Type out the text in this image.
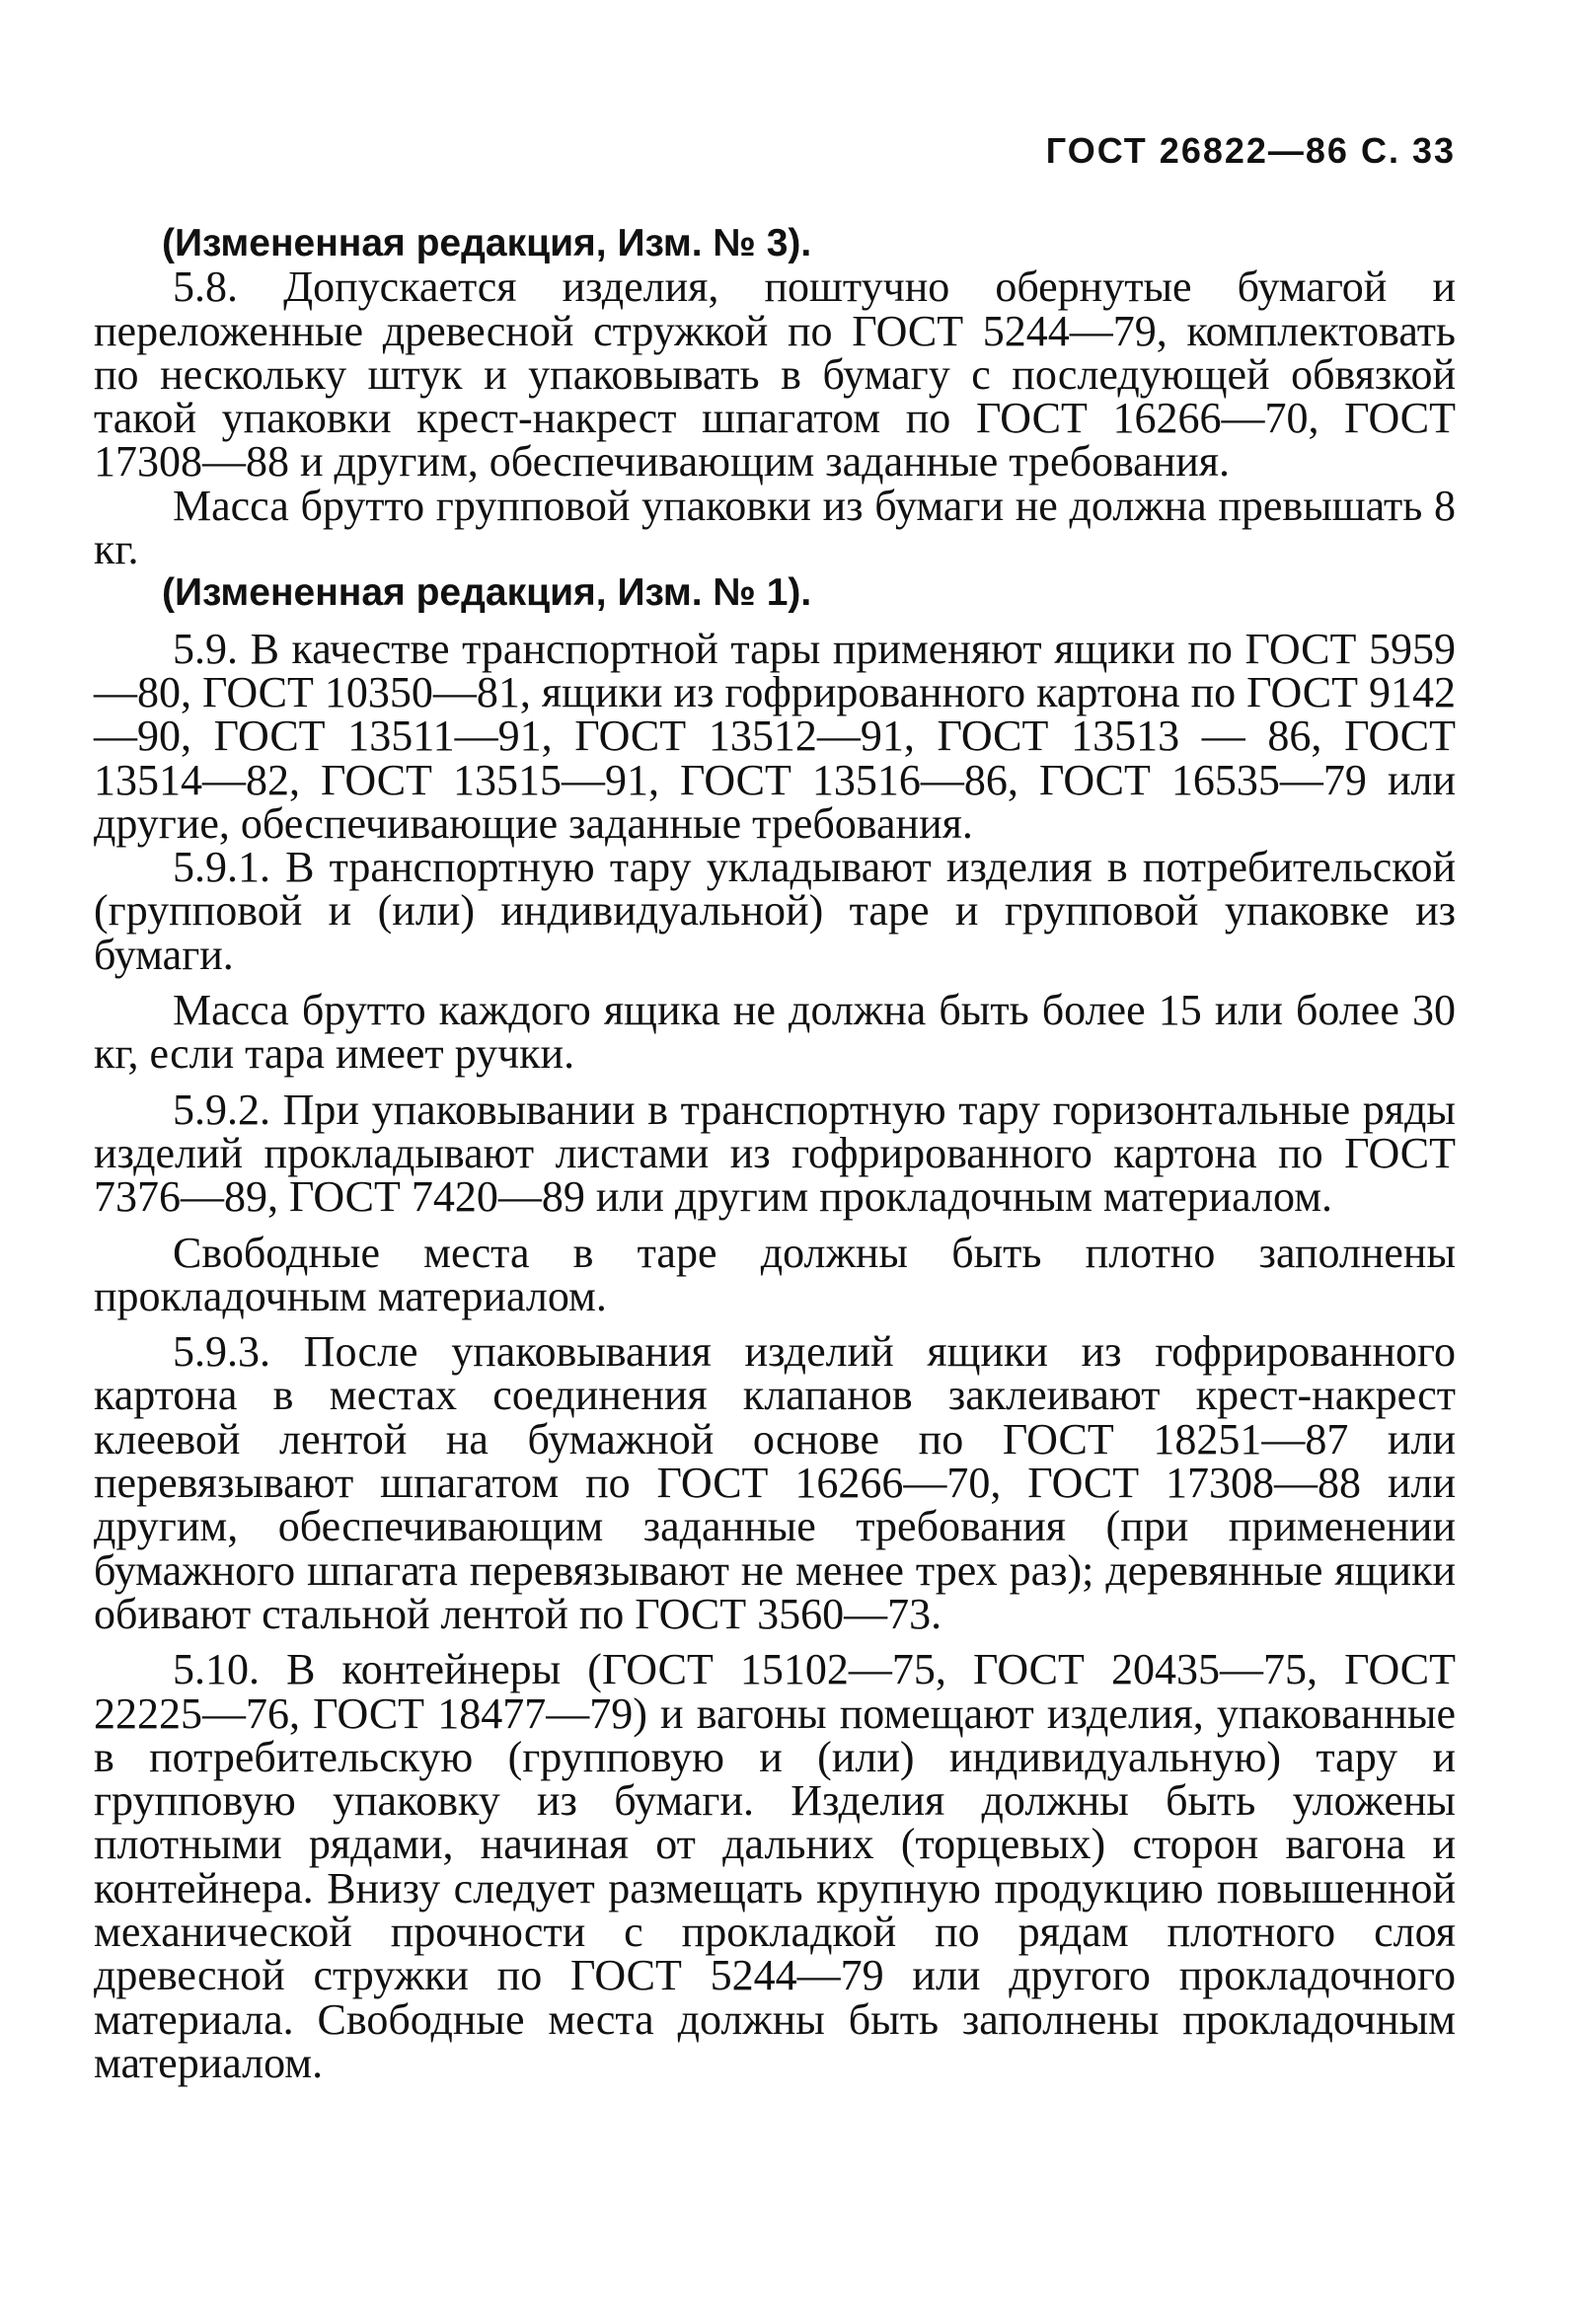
ГОСТ 26822—86 С. 33

(Измененная редакция, Изм. № 3).

5.8. Допускается изделия, поштучно обернутые бумагой и переложенные древесной стружкой по ГОСТ 5244—79, комплектовать по нескольку штук и упаковывать в бумагу с последующей обвязкой такой упаковки крест-накрест шпагатом по ГОСТ 16266—70, ГОСТ 17308—88 и другим, обеспечивающим заданные требования.

Масса брутто групповой упаковки из бумаги не должна превышать 8 кг.

(Измененная редакция, Изм. № 1).

5.9. В качестве транспортной тары применяют ящики по ГОСТ 5959—80, ГОСТ 10350—81, ящики из гофрированного картона по ГОСТ 9142—90, ГОСТ 13511—91, ГОСТ 13512—91, ГОСТ 13513 — 86, ГОСТ 13514—82, ГОСТ 13515—91, ГОСТ 13516—86, ГОСТ 16535—79 или другие, обеспечивающие заданные требования.

5.9.1. В транспортную тару укладывают изделия в потребительской (групповой и (или) индивидуальной) таре и групповой упаковке из бумаги.

Масса брутто каждого ящика не должна быть более 15 или более 30 кг, если тара имеет ручки.

5.9.2. При упаковывании в транспортную тару горизонтальные ряды изделий прокладывают листами из гофрированного картона по ГОСТ 7376—89, ГОСТ 7420—89 или другим прокладочным материалом.

Свободные места в таре должны быть плотно заполнены прокладочным материалом.

5.9.3. После упаковывания изделий ящики из гофрированного картона в местах соединения клапанов заклеивают крест-накрест клеевой лентой на бумажной основе по ГОСТ 18251—87 или перевязывают шпагатом по ГОСТ 16266—70, ГОСТ 17308—88 или другим, обеспечивающим заданные требования (при применении бумажного шпагата перевязывают не менее трех раз); деревянные ящики обивают стальной лентой по ГОСТ 3560—73.

5.10. В контейнеры (ГОСТ 15102—75, ГОСТ 20435—75, ГОСТ 22225—76, ГОСТ 18477—79) и вагоны помещают изделия, упакованные в потребительскую (групповую и (или) индивидуальную) тару и групповую упаковку из бумаги. Изделия должны быть уложены плотными рядами, начиная от дальних (торцевых) сторон вагона и контейнера. Внизу следует размещать крупную продукцию повышенной механической прочности с прокладкой по рядам плотного слоя древесной стружки по ГОСТ 5244—79 или другого прокладочного материала. Свободные места должны быть заполнены прокладочным материалом.
